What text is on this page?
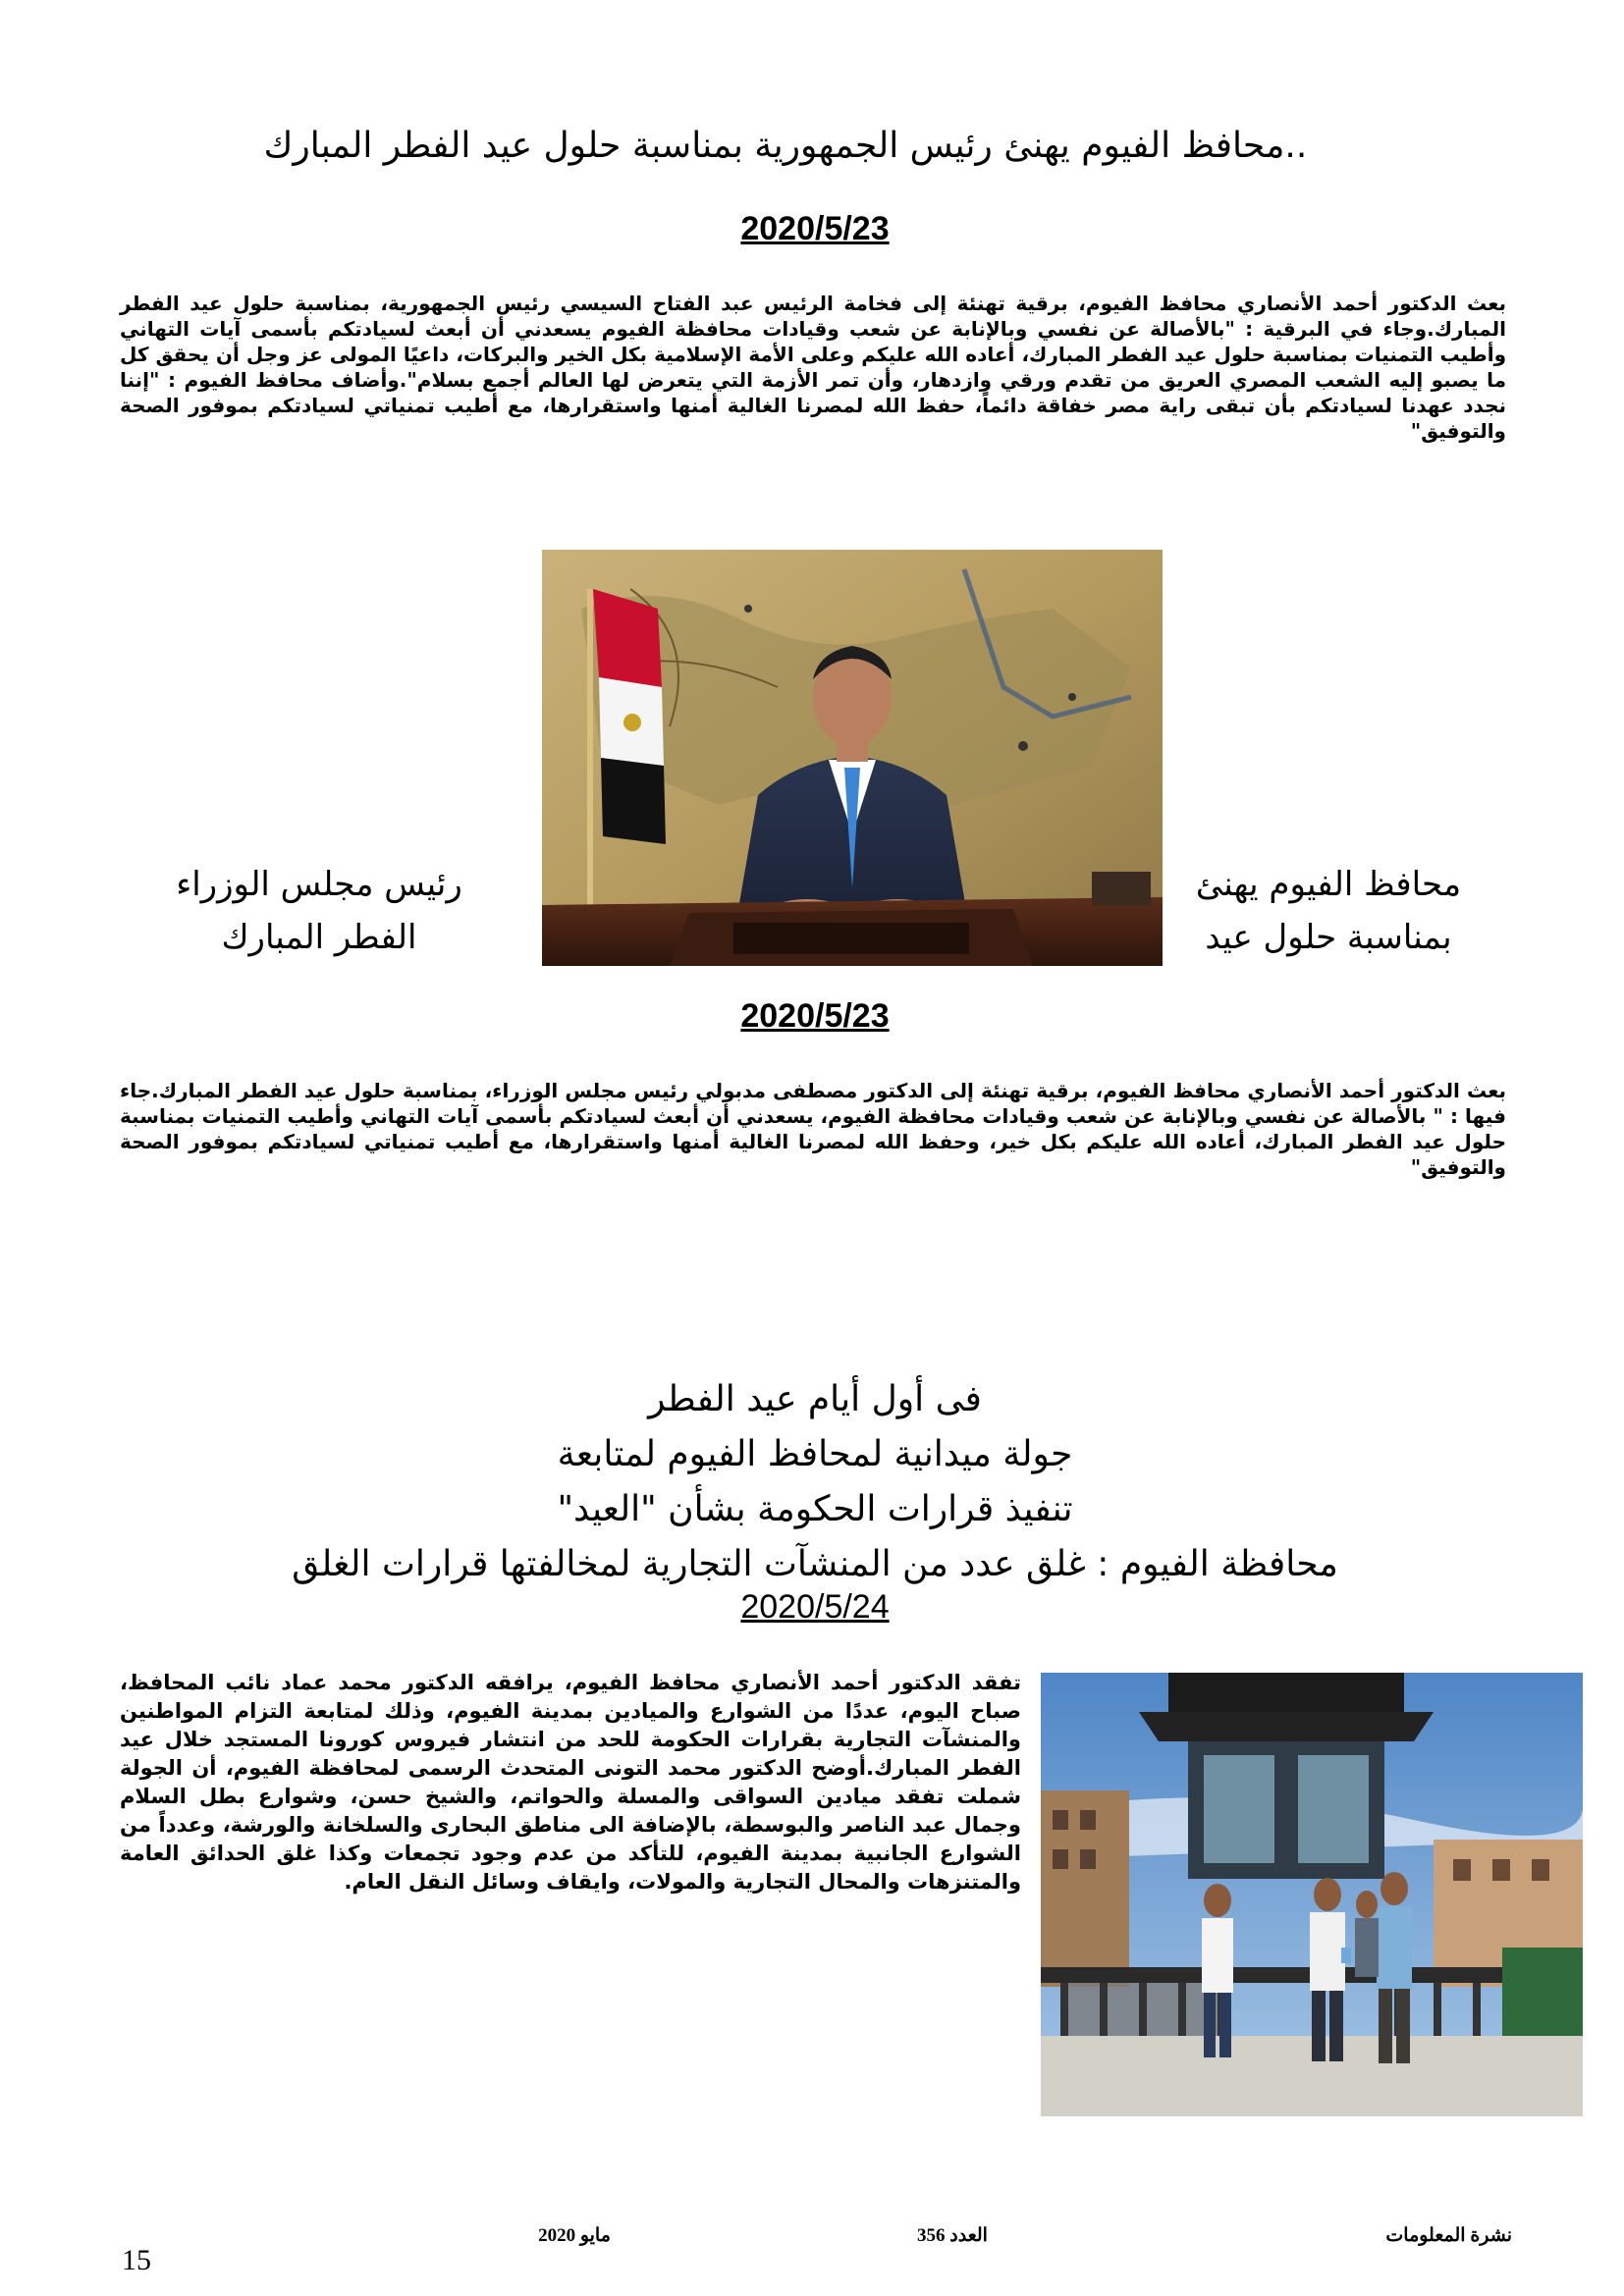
..محافظ الفيوم يهنئ رئيس الجمهورية بمناسبة حلول عيد الفطر المبارك
2020/5/23
بعث الدكتور أحمد الأنصاري محافظ الفيوم، برقية تهنئة إلى فخامة الرئيس عبد الفتاح السيسي رئيس الجمهورية، بمناسبة حلول عيد الفطر المبارك.وجاء في البرقية : "بالأصالة عن نفسي وبالإنابة عن شعب وقيادات محافظة الفيوم يسعدني أن أبعث لسيادتكم بأسمى آيات التهاني وأطيب التمنيات بمناسبة حلول عيد الفطر المبارك، أعاده الله عليكم وعلى الأمة الإسلامية بكل الخير والبركات، داعيًا المولى عز وجل أن يحقق كل ما يصبو إليه الشعب المصري العريق من تقدم ورقي وازدهار، وأن تمر الأزمة التي يتعرض لها العالم أجمع بسلام".وأضاف محافظ الفيوم : "إننا نجدد عهدنا لسيادتكم بأن تبقى راية مصر خفاقة دائماً، حفظ الله لمصرنا الغالية أمنها واستقرارها، مع أطيب تمنياتي لسيادتكم بموفور الصحة والتوفيق"
محافظ الفيوم يهنئ
بمناسبة حلول عيد
رئيس مجلس الوزراء
الفطر المبارك
2020/5/23
بعث الدكتور أحمد الأنصاري محافظ الفيوم، برقية تهنئة إلى الدكتور مصطفى مدبولي رئيس مجلس الوزراء، بمناسبة حلول عيد الفطر المبارك.جاء فيها : " بالأصالة عن نفسي وبالإنابة عن شعب وقيادات محافظة الفيوم، يسعدني أن أبعث لسيادتكم بأسمى آيات التهاني وأطيب التمنيات بمناسبة حلول عيد الفطر المبارك، أعاده الله عليكم بكل خير، وحفظ الله لمصرنا الغالية أمنها واستقرارها، مع أطيب تمنياتي لسيادتكم بموفور الصحة والتوفيق"
فى أول أيام عيد الفطر
جولة ميدانية لمحافظ الفيوم لمتابعة
تنفيذ قرارات الحكومة بشأن "العيد"
محافظة الفيوم : غلق عدد من المنشآت التجارية لمخالفتها قرارات الغلق
2020/5/24
تفقد الدكتور أحمد الأنصاري محافظ الفيوم، يرافقه الدكتور محمد عماد نائب المحافظ، صباح اليوم، عددًا من الشوارع والميادين بمدينة الفيوم، وذلك لمتابعة التزام المواطنين والمنشآت التجارية بقرارات الحكومة للحد من انتشار فيروس كورونا المستجد خلال عيد الفطر المبارك.أوضح الدكتور محمد التونى المتحدث الرسمى لمحافظة الفيوم، أن الجولة شملت تفقد ميادين السواقى والمسلة والحواتم، والشيخ حسن، وشوارع بطل السلام وجمال عبد الناصر والبوسطة، بالإضافة الى مناطق البحارى والسلخانة والورشة، وعدداً من الشوارع الجانبية بمدينة الفيوم، للتأكد من عدم وجود تجمعات وكذا غلق الحدائق العامة والمتنزهات والمحال التجارية والمولات، وايقاف وسائل النقل العام.
نشرة المعلومات
العدد 356
مايو 2020
15
